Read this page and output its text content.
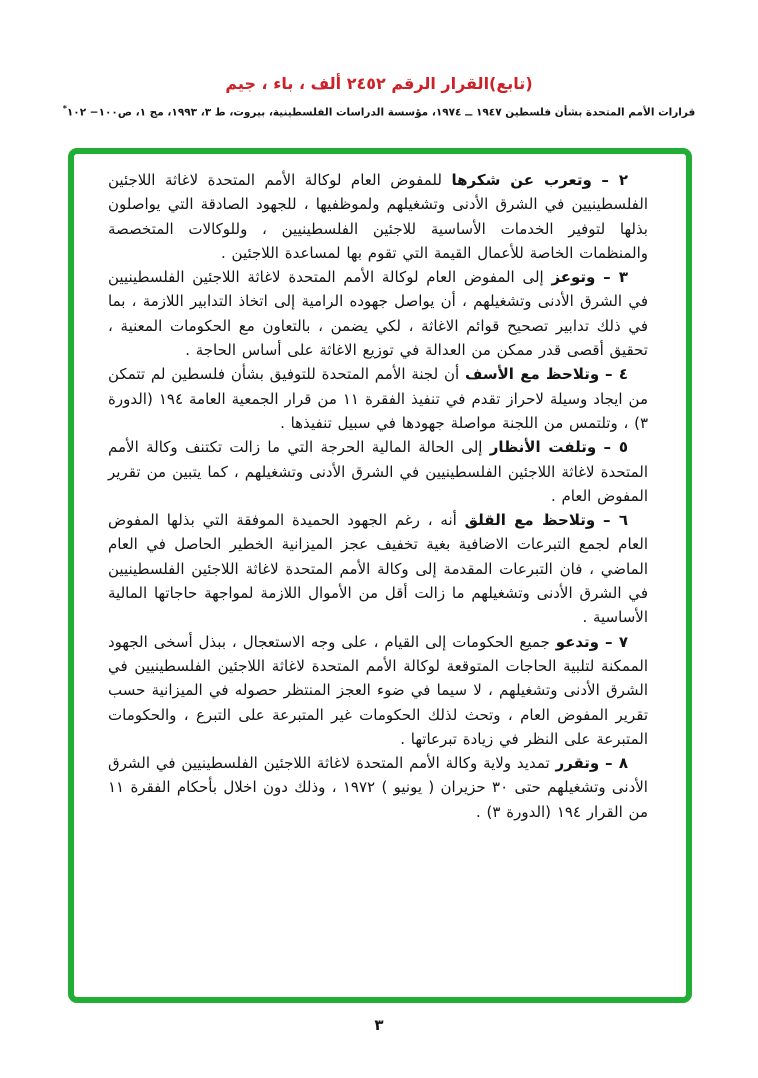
(تابع)القرار الرقم ٢٤٥٢ ألف ، باء ، جيم
قرارات الأمم المتحدة بشأن فلسطين ١٩٤٧ ــ ١٩٧٤، مؤسسة الدراسات الفلسطينية، بيروت، ط ٣، ١٩٩٣، مج ١، ص١٠٠− ١٠٢*

٢ – وتعرب عن شكرها للمفوض العام لوكالة الأمم المتحدة لاغاثة اللاجئين الفلسطينيين في الشرق الأدنى وتشغيلهم ولموظفيها ، للجهود الصادقة التي يواصلون بذلها لتوفير الخدمات الأساسية للاجئين الفلسطينيين ، وللوكالات المتخصصة والمنظمات الخاصة للأعمال القيمة التي تقوم بها لمساعدة اللاجئين .

٣ – وتوعز إلى المفوض العام لوكالة الأمم المتحدة لاغاثة اللاجئين الفلسطينيين في الشرق الأدنى وتشغيلهم ، أن يواصل جهوده الرامية إلى اتخاذ التدابير اللازمة ، بما في ذلك تدابير تصحيح قوائم الاغاثة ، لكي يضمن ، بالتعاون مع الحكومات المعنية ، تحقيق أقصى قدر ممكن من العدالة في توزيع الاغاثة على أساس الحاجة .

٤ – وتلاحظ مع الأسف أن لجنة الأمم المتحدة للتوفيق بشأن فلسطين لم تتمكن من ايجاد وسيلة لاحراز تقدم في تنفيذ الفقرة ١١ من قرار الجمعية العامة ١٩٤ (الدورة ٣) ، وتلتمس من اللجنة مواصلة جهودها في سبيل تنفيذها .

٥ – وتلفت الأنظار إلى الحالة المالية الحرجة التي ما زالت تكتنف وكالة الأمم المتحدة لاغاثة اللاجئين الفلسطينيين في الشرق الأدنى وتشغيلهم ، كما يتبين من تقرير المفوض العام .

٦ – وتلاحظ مع القلق أنه ، رغم الجهود الحميدة الموفقة التي بذلها المفوض العام لجمع التبرعات الاضافية بغية تخفيف عجز الميزانية الخطير الحاصل في العام الماضي ، فان التبرعات المقدمة إلى وكالة الأمم المتحدة لاغاثة اللاجئين الفلسطينيين في الشرق الأدنى وتشغيلهم ما زالت أقل من الأموال اللازمة لمواجهة حاجاتها المالية الأساسية .

٧ – وتدعو جميع الحكومات إلى القيام ، على وجه الاستعجال ، ببذل أسخى الجهود الممكنة لتلبية الحاجات المتوقعة لوكالة الأمم المتحدة لاغاثة اللاجئين الفلسطينيين في الشرق الأدنى وتشغيلهم ، لا سيما في ضوء العجز المنتظر حصوله في الميزانية حسب تقرير المفوض العام ، وتحث لذلك الحكومات غير المتبرعة على التبرع ، والحكومات المتبرعة على النظر في زيادة تبرعاتها .

٨ – وتقرر تمديد ولاية وكالة الأمم المتحدة لاغاثة اللاجئين الفلسطينيين في الشرق الأدنى وتشغيلهم حتى ٣٠ حزيران ( يونيو ) ١٩٧٢ ، وذلك دون اخلال بأحكام الفقرة ١١ من القرار ١٩٤ (الدورة ٣) .

٣
